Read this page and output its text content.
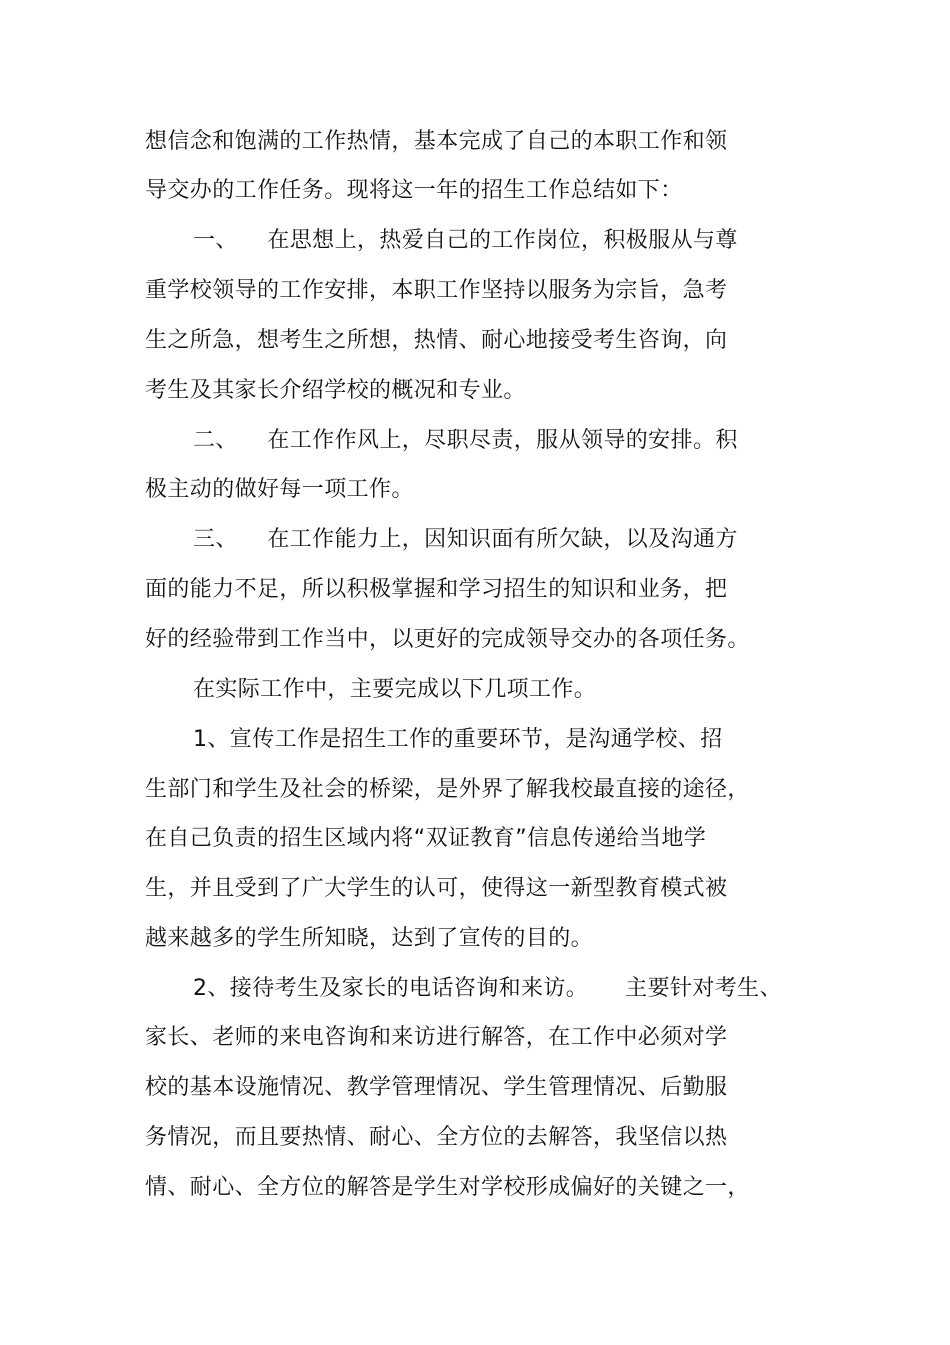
想信念和饱满的工作热情，基本完成了自己的本职工作和领
导交办的工作任务。现将这一年的招生工作总结如下：
一、    在思想上，热爱自己的工作岗位，积极服从与尊
重学校领导的工作安排，本职工作坚持以服务为宗旨，急考
生之所急，想考生之所想，热情、耐心地接受考生咨询，向
考生及其家长介绍学校的概况和专业。
二、    在工作作风上，尽职尽责，服从领导的安排。积
极主动的做好每一项工作。
三、    在工作能力上，因知识面有所欠缺，以及沟通方
面的能力不足，所以积极掌握和学习招生的知识和业务，把
好的经验带到工作当中，以更好的完成领导交办的各项任务。
在实际工作中，主要完成以下几项工作。
1、宣传工作是招生工作的重要环节，是沟通学校、招
生部门和学生及社会的桥梁，是外界了解我校最直接的途径，
在自己负责的招生区域内将“双证教育”信息传递给当地学
生，并且受到了广大学生的认可，使得这一新型教育模式被
越来越多的学生所知晓，达到了宣传的目的。
2、接待考生及家长的电话咨询和来访。     主要针对考生、
家长、老师的来电咨询和来访进行解答，在工作中必须对学
校的基本设施情况、教学管理情况、学生管理情况、后勤服
务情况，而且要热情、耐心、全方位的去解答，我坚信以热
情、耐心、全方位的解答是学生对学校形成偏好的关键之一，
